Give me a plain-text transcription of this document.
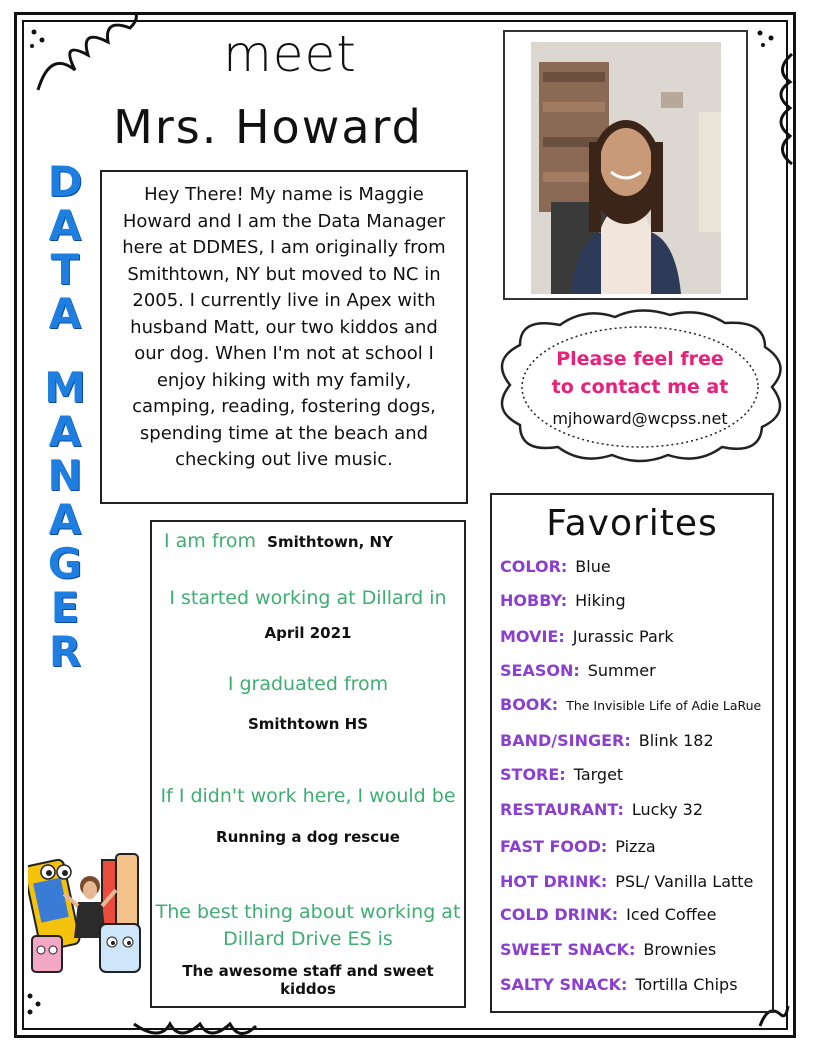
meet
Mrs. Howard
D
A
T
A
M
A
N
A
G
E
R
Hey There! My name is Maggie Howard and I am the Data Manager here at DDMES, I am originally from Smithtown, NY but moved to NC in 2005. I currently live in Apex with husband Matt, our two kiddos and our dog. When I'm not at school I enjoy hiking with my family, camping, reading, fostering dogs, spending time at the beach and checking out live music.
Please feel free
to contact me at
mjhoward@wcpss.net
I am from Smithtown, NY
I started working at Dillard in
April 2021
I graduated from
Smithtown HS
If I didn't work here, I would be
Running a dog rescue
The best thing about working at
Dillard Drive ES is
The awesome staff and sweet kiddos
Favorites
COLOR: Blue
HOBBY: Hiking
MOVIE: Jurassic Park
SEASON: Summer
BOOK: The Invisible Life of Adie LaRue
BAND/SINGER: Blink 182
STORE: Target
RESTAURANT: Lucky 32
FAST FOOD: Pizza
HOT DRINK: PSL/ Vanilla Latte
COLD DRINK: Iced Coffee
SWEET SNACK: Brownies
SALTY SNACK: Tortilla Chips
